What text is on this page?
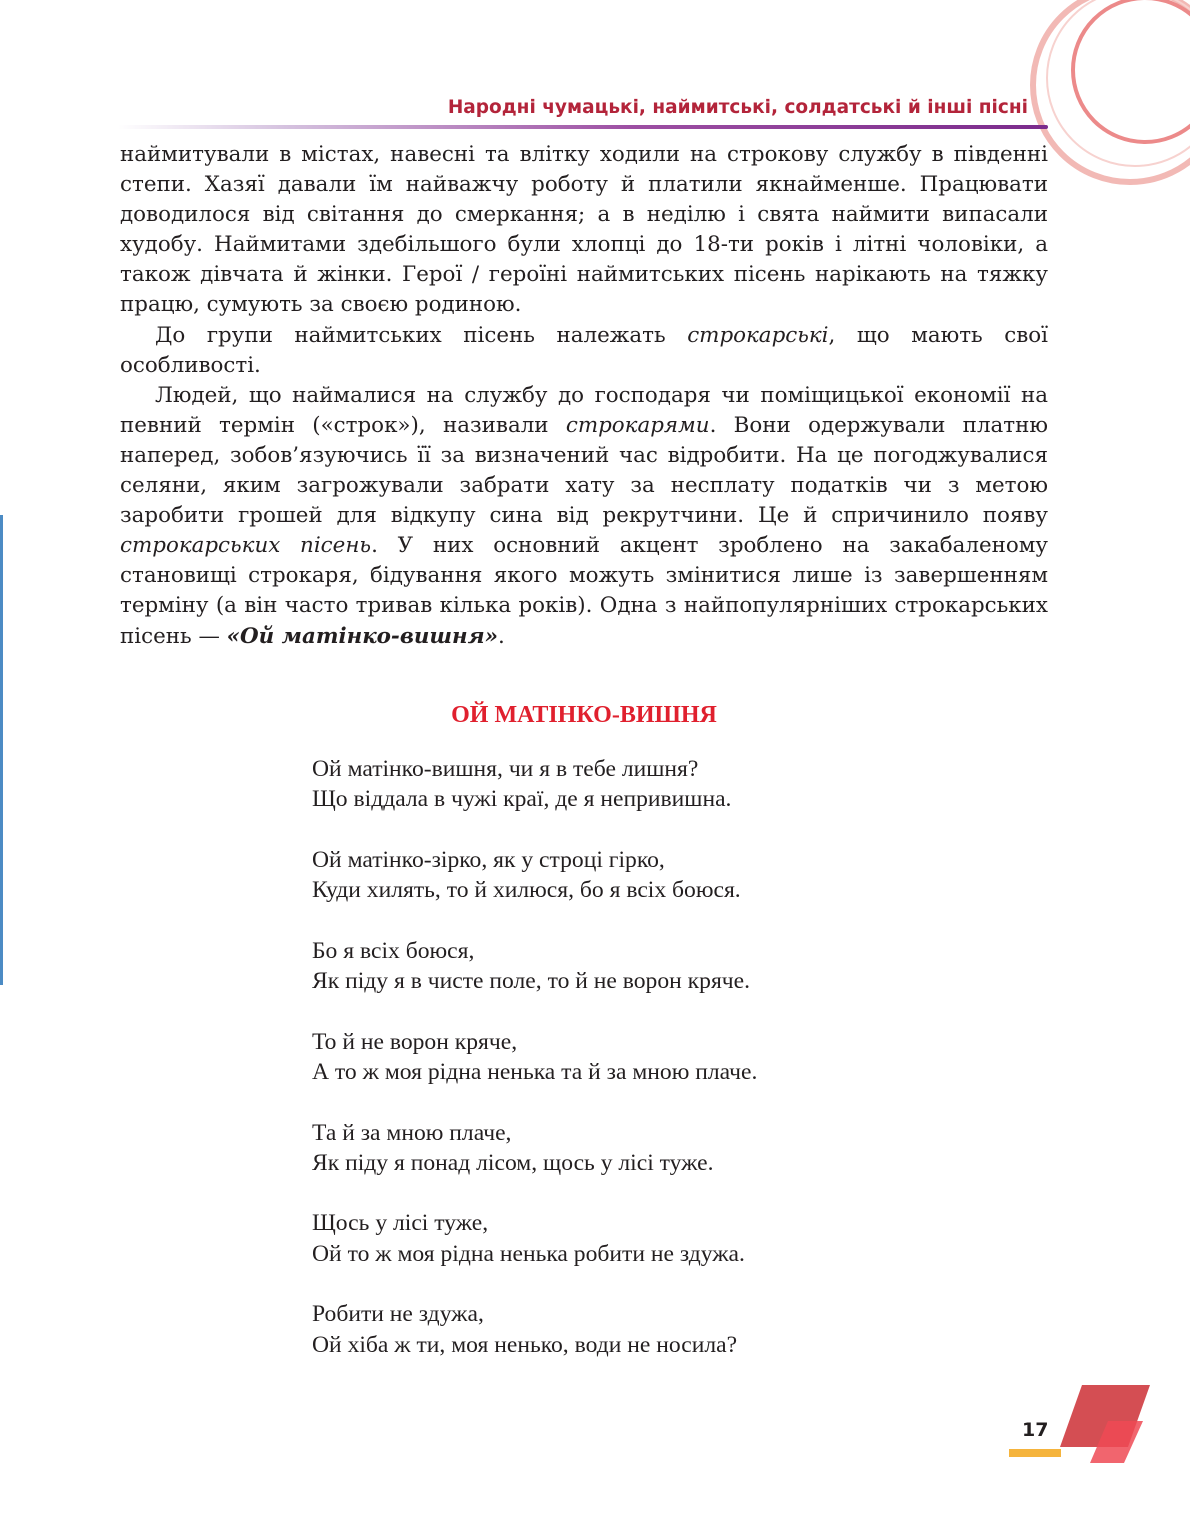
Народні чумацькі, наймитські, солдатські й інші пісні

наймитували в містах, навесні та влітку ходили на строкову службу в південні степи. Хазяї давали їм найважчу роботу й платили якнайменше. Працювати доводилося від світання до смеркання; а в неділю і свята наймити випасали худобу. Наймитами здебільшого були хлопці до 18-ти років і літні чоловіки, а також дівчата й жінки. Герої / героїні наймитських пісень нарікають на тяжку працю, сумують за своєю родиною.

До групи наймитських пісень належать строкарські, що мають свої особливості.

Людей, що наймалися на службу до господаря чи поміщицької економії на певний термін («строк»), називали строкарями. Вони одержували платню наперед, зобов’язуючись її за визначений час відробити. На це погоджувалися селяни, яким загрожували забрати хату за несплату податків чи з метою заробити грошей для відкупу сина від рекрутчини. Це й спричинило появу строкарських пісень. У них основний акцент зроблено на закабаленому становищі строкаря, бідування якого можуть змінитися лише із завершенням терміну (а він часто тривав кілька років). Одна з найпопулярніших строкарських пісень — «Ой матінко-вишня».

ОЙ МАТІНКО-ВИШНЯ
Ой матінко-вишня, чи я в тебе лишня?
Що віддала в чужі краї, де я непривишна.
Ой матінко-зірко, як у строці гірко,
Куди хилять, то й хилюся, бо я всіх боюся.
Бо я всіх боюся,
Як піду я в чисте поле, то й не ворон кряче.
То й не ворон кряче,
А то ж моя рідна ненька та й за мною плаче.
Та й за мною плаче,
Як піду я понад лісом, щось у лісі туже.
Щось у лісі туже,
Ой то ж моя рідна ненька робити не здужа.
Робити не здужа,
Ой хіба ж ти, моя ненько, води не носила?
17
